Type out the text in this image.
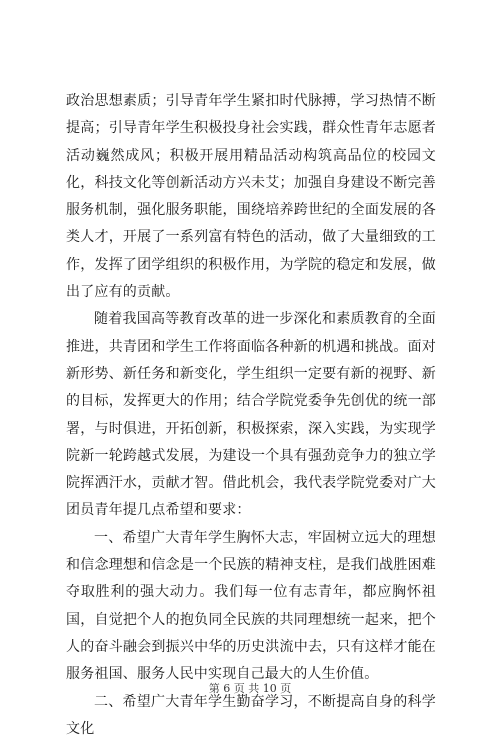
政治思想素质；引导青年学生紧扣时代脉搏，学习热情不断提高；引导青年学生积极投身社会实践，群众性青年志愿者活动巍然成风；积极开展用精品活动构筑高品位的校园文化，科技文化等创新活动方兴未艾；加强自身建设不断完善服务机制，强化服务职能，围绕培养跨世纪的全面发展的各类人才，开展了一系列富有特色的活动，做了大量细致的工作，发挥了团学组织的积极作用，为学院的稳定和发展，做出了应有的贡献。

随着我国高等教育改革的进一步深化和素质教育的全面推进，共青团和学生工作将面临各种新的机遇和挑战。面对新形势、新任务和新变化，学生组织一定要有新的视野、新的目标，发挥更大的作用；结合学院党委争先创优的统一部署，与时俱进，开拓创新，积极探索，深入实践，为实现学院新一轮跨越式发展，为建设一个具有强劲竞争力的独立学院挥洒汗水，贡献才智。借此机会，我代表学院党委对广大团员青年提几点希望和要求：

一、希望广大青年学生胸怀大志，牢固树立远大的理想和信念理想和信念是一个民族的精神支柱，是我们战胜困难夺取胜利的强大动力。我们每一位有志青年，都应胸怀祖国，自觉把个人的抱负同全民族的共同理想统一起来，把个人的奋斗融会到振兴中华的历史洪流中去，只有这样才能在服务祖国、服务人民中实现自己最大的人生价值。

二、希望广大青年学生勤奋学习，不断提高自身的科学文化

第 6 页 共 10 页
